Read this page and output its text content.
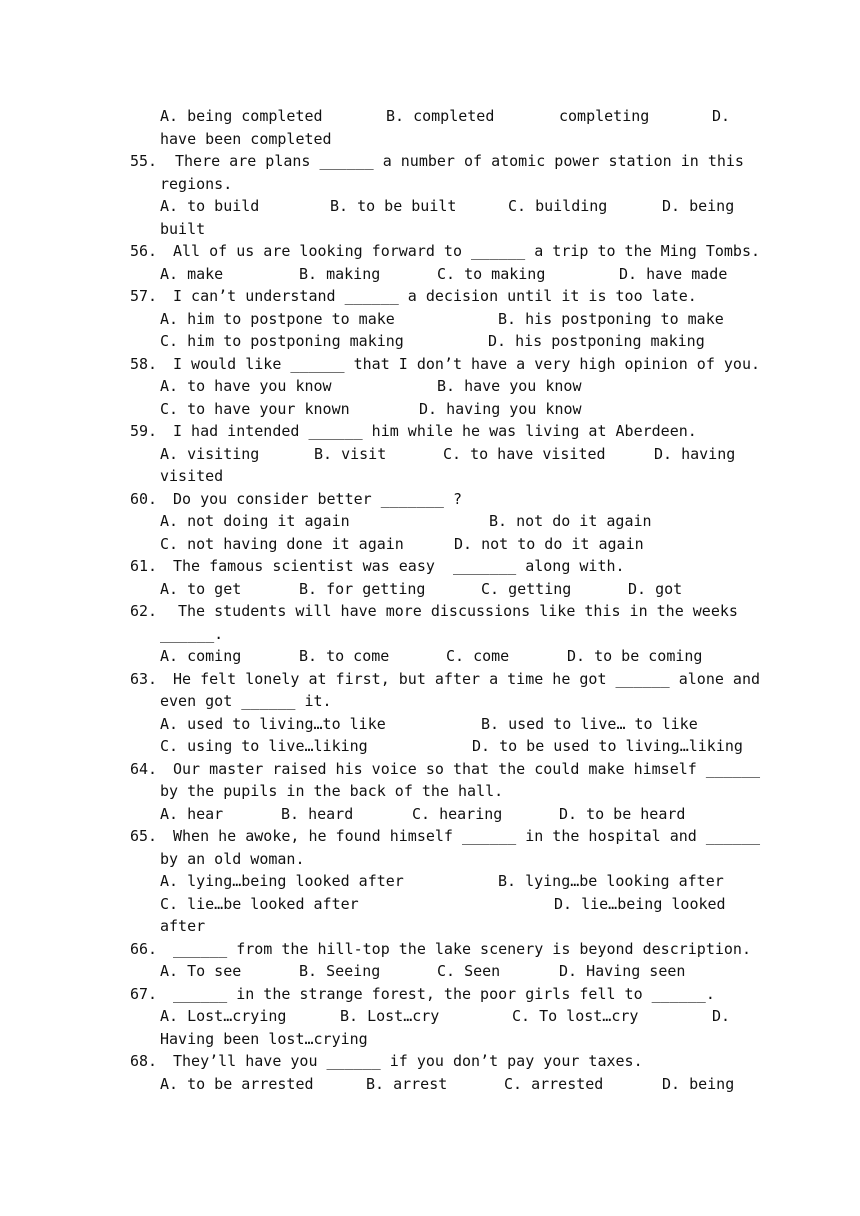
A. being completed	B. completed	completing	D.
have been completed
55. There are plans ______ a number of atomic power station in this
regions.
A. to build	B. to be built	C. building	D. being
built
56. All of us are looking forward to ______ a trip to the Ming Tombs.
A. make	B. making	C. to making	D. have made
57. I can’t understand ______ a decision until it is too late.
A. him to postpone to make	B. his postponing to make
C. him to postponing making	D. his postponing making
58. I would like ______ that I don’t have a very high opinion of you.
A. to have you know	B. have you know
C. to have your known	D. having you know
59. I had intended ______ him while he was living at Aberdeen.
A. visiting	B. visit	C. to have visited	D. having
visited
60. Do you consider better _______ ?
A. not doing it again	B. not do it again
C. not having done it again	D. not to do it again
61. The famous scientist was easy  _______ along with.
A. to get	B. for getting	C. getting	D. got
62. The students will have more discussions like this in the weeks
______.
A. coming	B. to come	C. come	D. to be coming
63. He felt lonely at first, but after a time he got ______ alone and
even got ______ it.
A. used to living…to like	B. used to live… to like
C. using to live…liking	D. to be used to living…liking
64. Our master raised his voice so that the could make himself ______
by the pupils in the back of the hall.
A. hear	B. heard	C. hearing	D. to be heard
65. When he awoke, he found himself ______ in the hospital and ______
by an old woman.
A. lying…being looked after	B. lying…be looking after
C. lie…be looked after	D. lie…being looked
after
66. ______ from the hill-top the lake scenery is beyond description.
A. To see	B. Seeing	C. Seen	D. Having seen
67. ______ in the strange forest, the poor girls fell to ______.
A. Lost…crying	B. Lost…cry	C. To lost…cry	D.
Having been lost…crying
68. They’ll have you ______ if you don’t pay your taxes.
A. to be arrested	B. arrest	C. arrested	D. being
